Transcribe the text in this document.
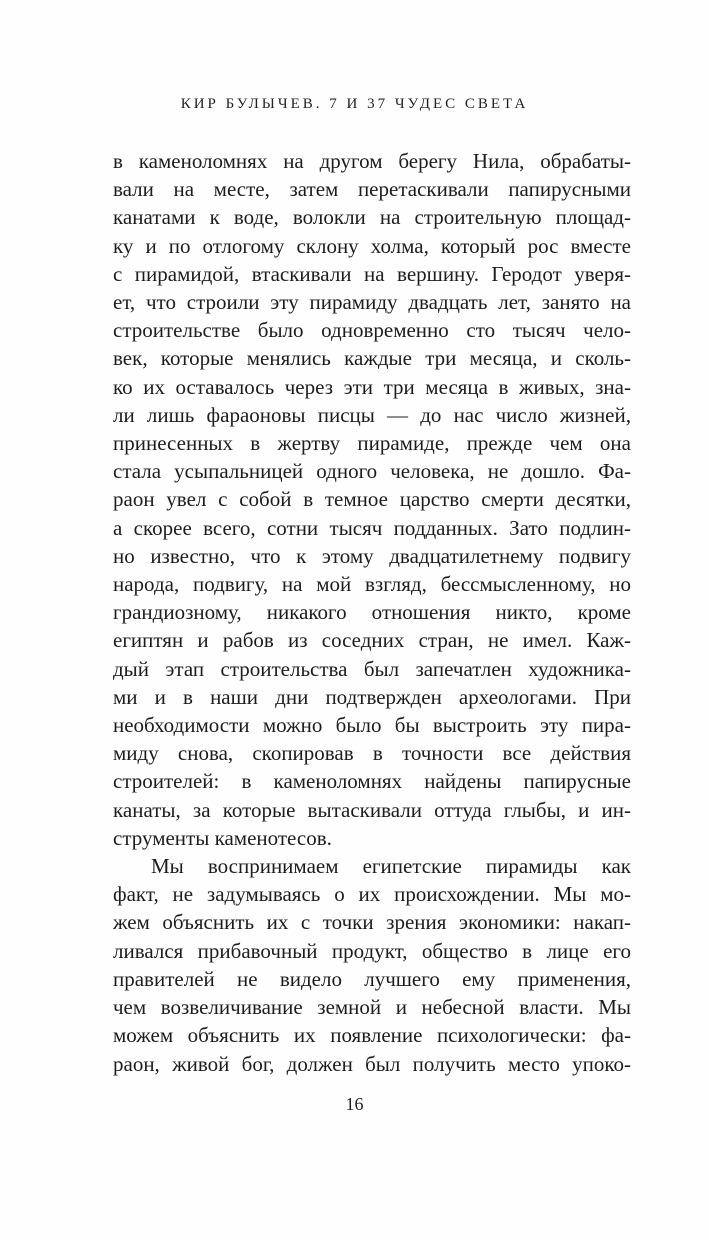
КИР БУЛЫЧЕВ. 7 И 37 ЧУДЕС СВЕТА
в каменоломнях на другом берегу Нила, обрабаты-
вали на месте, затем перетаскивали папирусными
канатами к воде, волокли на строительную площад-
ку и по отлогому склону холма, который рос вместе
с пирамидой, втаскивали на вершину. Геродот уверя-
ет, что строили эту пирамиду двадцать лет, занято на
строительстве было одновременно сто тысяч чело-
век, которые менялись каждые три месяца, и сколь-
ко их оставалось через эти три месяца в живых, зна-
ли лишь фараоновы писцы — до нас число жизней,
принесенных в жертву пирамиде, прежде чем она
стала усыпальницей одного человека, не дошло. Фа-
раон увел с собой в темное царство смерти десятки,
а скорее всего, сотни тысяч подданных. Зато подлин-
но известно, что к этому двадцатилетнему подвигу
народа, подвигу, на мой взгляд, бессмысленному, но
грандиозному, никакого отношения никто, кроме
египтян и рабов из соседних стран, не имел. Каж-
дый этап строительства был запечатлен художника-
ми и в наши дни подтвержден археологами. При
необходимости можно было бы выстроить эту пира-
миду снова, скопировав в точности все действия
строителей: в каменоломнях найдены папирусные
канаты, за которые вытаскивали оттуда глыбы, и ин-
струменты каменотесов.
Мы воспринимаем египетские пирамиды как
факт, не задумываясь о их происхождении. Мы мо-
жем объяснить их с точки зрения экономики: накап-
ливался прибавочный продукт, общество в лице его
правителей не видело лучшего ему применения,
чем возвеличивание земной и небесной власти. Мы
можем объяснить их появление психологически: фа-
раон, живой бог, должен был получить место упоко-
16
